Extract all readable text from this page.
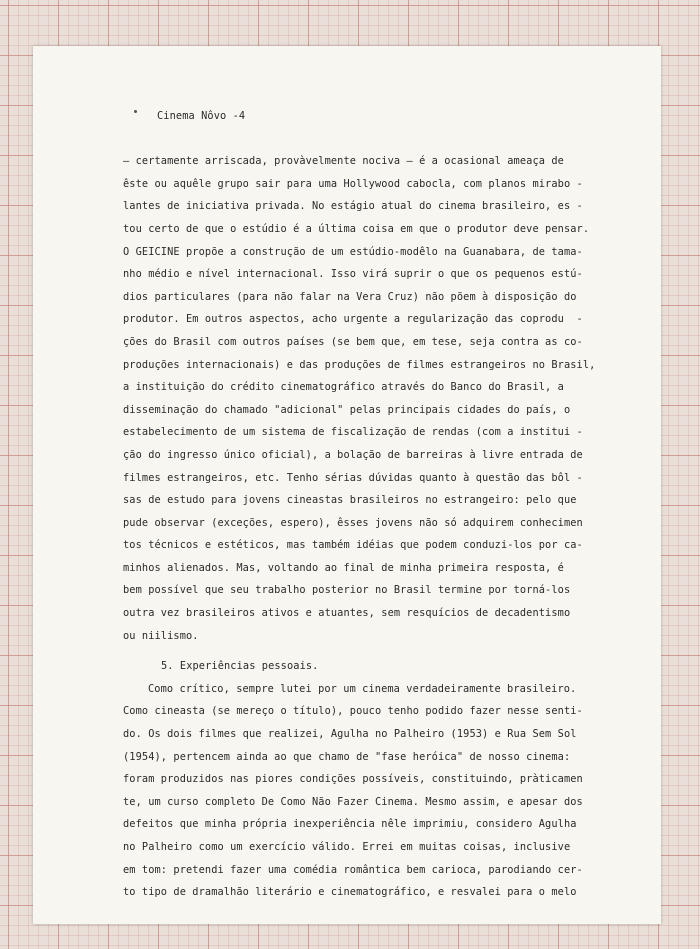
Cinema Nôvo -4
— certamente arriscada, provàvelmente nociva — é a ocasional ameaça de
êste ou aquêle grupo sair para uma Hollywood cabocla, com planos mirabo -
lantes de iniciativa privada. No estágio atual do cinema brasileiro, es -
tou certo de que o estúdio é a última coisa em que o produtor deve pensar.
O GEICINE propõe a construção de um estúdio-modêlo na Guanabara, de tama-
nho médio e nível internacional. Isso virá suprir o que os pequenos estú-
dios particulares (para não falar na Vera Cruz) não põem à disposição do
produtor. Em outros aspectos, acho urgente a regularização das coprodu  -
ções do Brasil com outros países (se bem que, em tese, seja contra as co-
produções internacionais) e das produções de filmes estrangeiros no Brasil,
a instituição do crédito cinematográfico através do Banco do Brasil, a
disseminação do chamado "adicional" pelas principais cidades do país, o
estabelecimento de um sistema de fiscalização de rendas (com a institui -
ção do ingresso único oficial), a bolação de barreiras à livre entrada de
filmes estrangeiros, etc. Tenho sérias dúvidas quanto à questão das bôl -
sas de estudo para jovens cineastas brasileiros no estrangeiro: pelo que
pude observar (exceções, espero), êsses jovens não só adquirem conhecimen
tos técnicos e estéticos, mas também idéias que podem conduzi-los por ca-
minhos alienados. Mas, voltando ao final de minha primeira resposta, é
bem possível que seu trabalho posterior no Brasil termine por torná-los
outra vez brasileiros ativos e atuantes, sem resquícios de decadentismo
ou niilismo.
5. Experiências pessoais.
Como crítico, sempre lutei por um cinema verdadeiramente brasileiro.
Como cineasta (se mereço o título), pouco tenho podido fazer nesse senti-
do. Os dois filmes que realizei, Agulha no Palheiro (1953) e Rua Sem Sol
(1954), pertencem ainda ao que chamo de "fase heróica" de nosso cinema:
foram produzidos nas piores condições possíveis, constituindo, pràticamen
te, um curso completo De Como Não Fazer Cinema. Mesmo assim, e apesar dos
defeitos que minha própria inexperiência nêle imprimiu, considero Agulha
no Palheiro como um exercício válido. Errei em muitas coisas, inclusive
em tom: pretendi fazer uma comédia romântica bem carioca, parodiando cer-
to tipo de dramalhão literário e cinematográfico, e resvalei para o melo
